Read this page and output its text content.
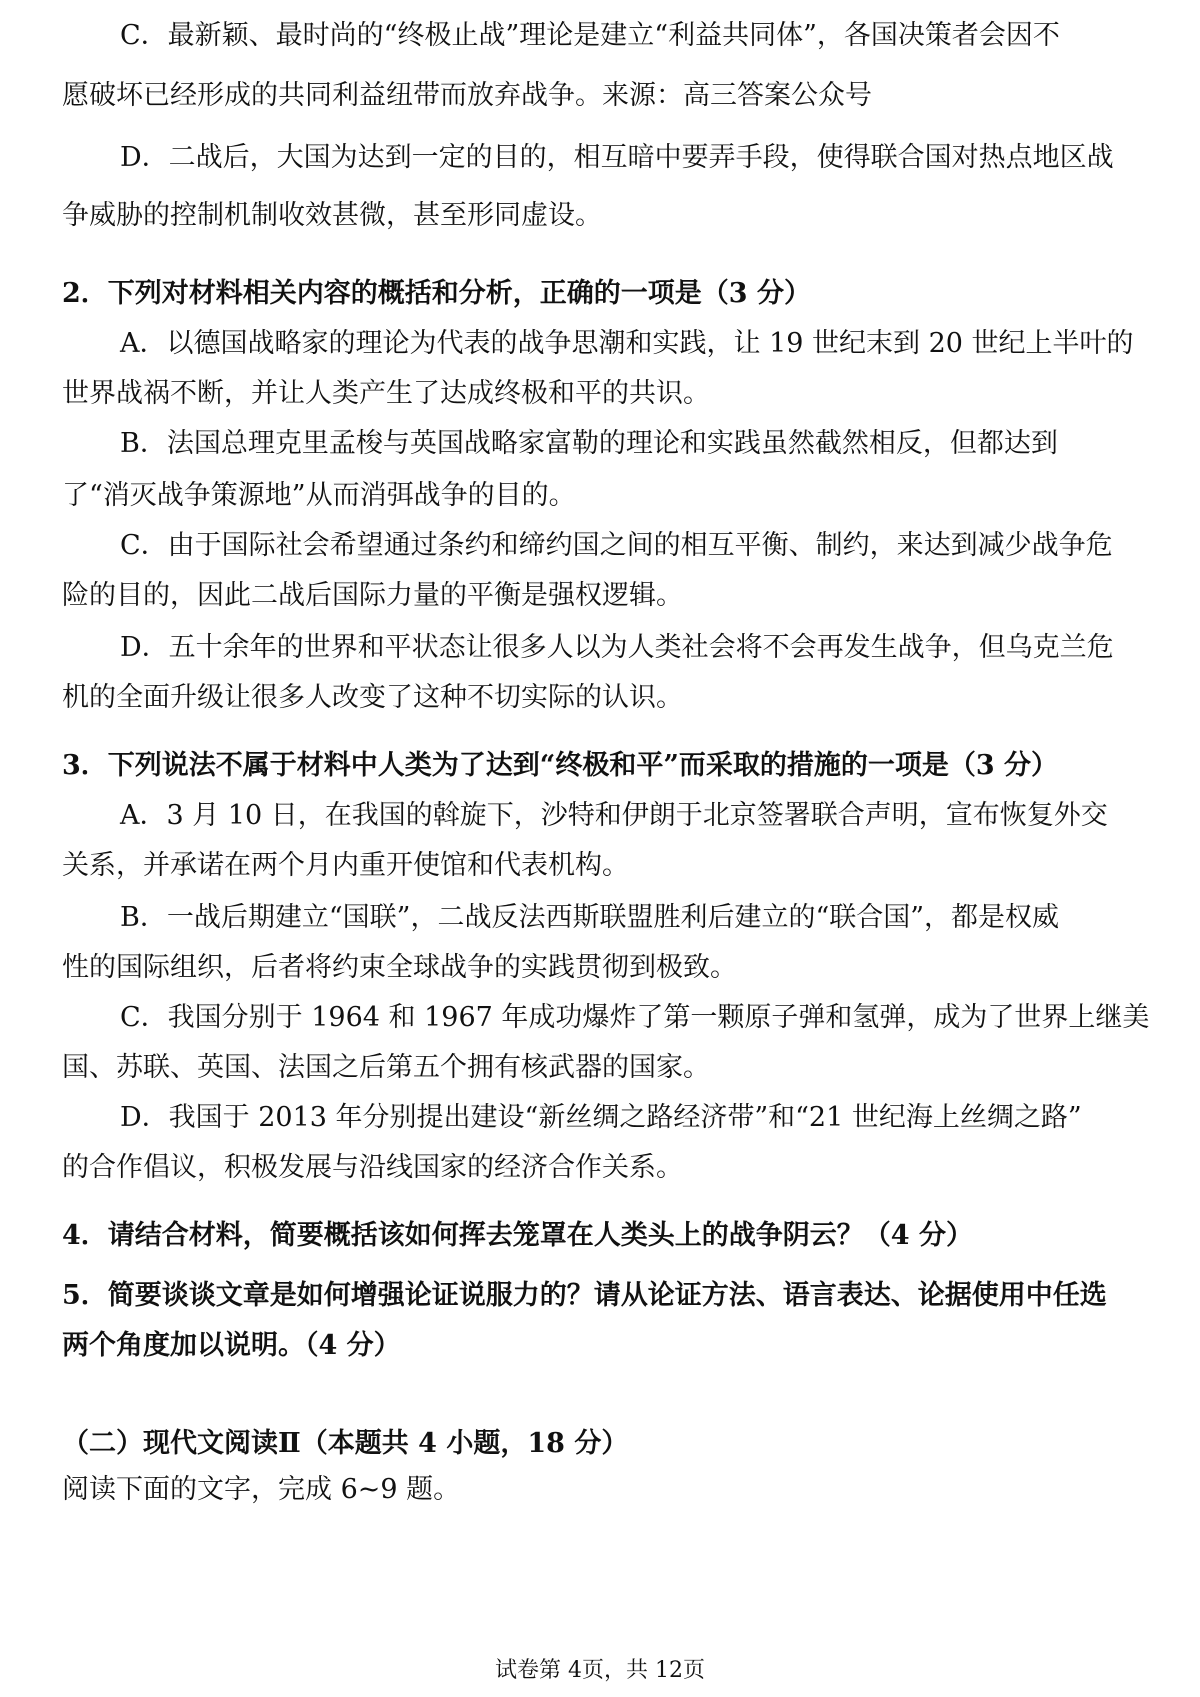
C．最新颖、最时尚的“终极止战”理论是建立“利益共同体”，各国决策者会因不
愿破坏已经形成的共同利益纽带而放弃战争。来源：高三答案公众号
D．二战后，大国为达到一定的目的，相互暗中要弄手段，使得联合国对热点地区战
争威胁的控制机制收效甚微，甚至形同虚设。
2．下列对材料相关内容的概括和分析，正确的一项是（3 分）
A．以德国战略家的理论为代表的战争思潮和实践，让 19 世纪末到 20 世纪上半叶的
世界战祸不断，并让人类产生了达成终极和平的共识。
B．法国总理克里孟梭与英国战略家富勒的理论和实践虽然截然相反，但都达到
了“消灭战争策源地”从而消弭战争的目的。
C．由于国际社会希望通过条约和缔约国之间的相互平衡、制约，来达到减少战争危
险的目的，因此二战后国际力量的平衡是强权逻辑。
D．五十余年的世界和平状态让很多人以为人类社会将不会再发生战争，但乌克兰危
机的全面升级让很多人改变了这种不切实际的认识。
3．下列说法不属于材料中人类为了达到“终极和平”而采取的措施的一项是（3 分）
A．3 月 10 日，在我国的斡旋下，沙特和伊朗于北京签署联合声明，宣布恢复外交
关系，并承诺在两个月内重开使馆和代表机构。
B．一战后期建立“国联”，二战反法西斯联盟胜利后建立的“联合国”，都是权威
性的国际组织，后者将约束全球战争的实践贯彻到极致。
C．我国分别于 1964 和 1967 年成功爆炸了第一颗原子弹和氢弹，成为了世界上继美
国、苏联、英国、法国之后第五个拥有核武器的国家。
D．我国于 2013 年分别提出建设“新丝绸之路经济带”和“21 世纪海上丝绸之路”
的合作倡议，积极发展与沿线国家的经济合作关系。
4．请结合材料，简要概括该如何挥去笼罩在人类头上的战争阴云？（4 分）
5．简要谈谈文章是如何增强论证说服力的？请从论证方法、语言表达、论据使用中任选
两个角度加以说明。（4 分）
（二）现代文阅读Ⅱ（本题共 4 小题，18 分）
阅读下面的文字，完成 6~9 题。
试卷第 4页，共 12页
